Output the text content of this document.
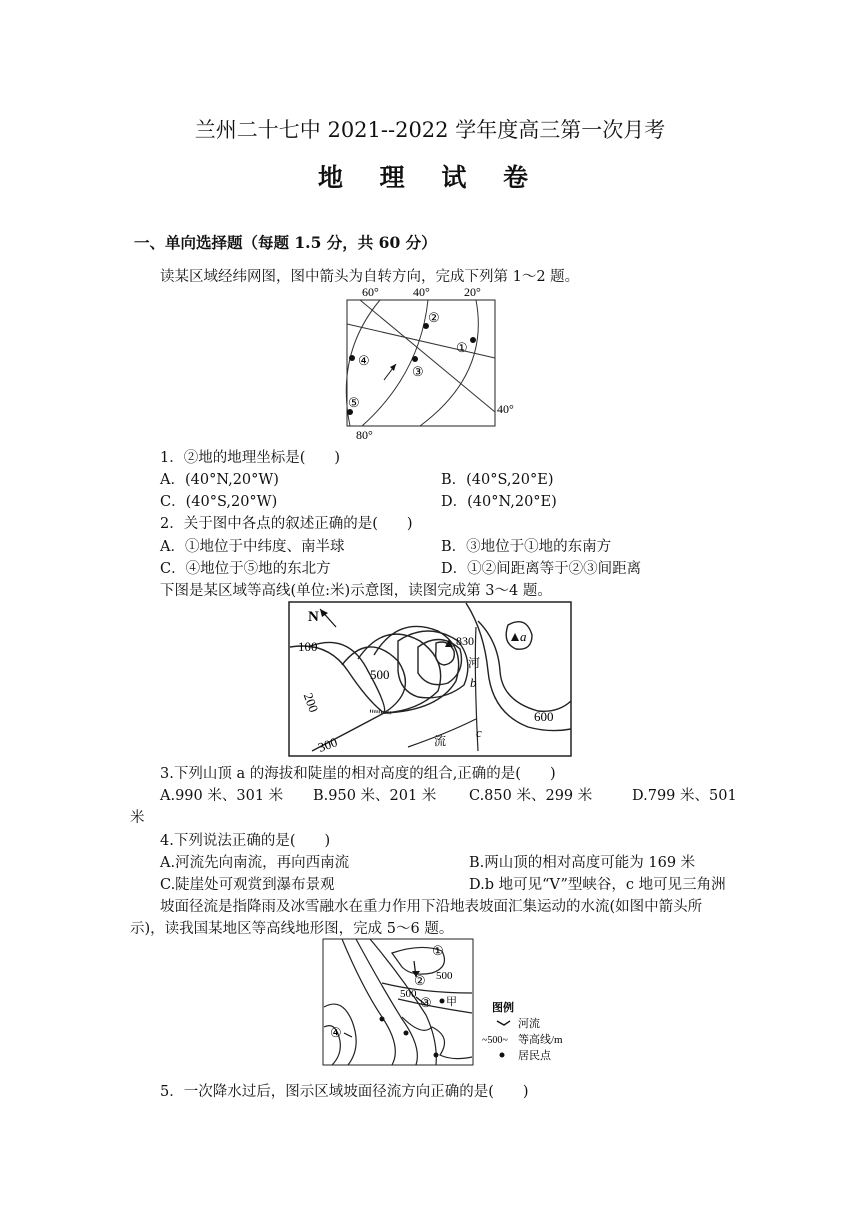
兰州二十七中 2021--2022 学年度高三第一次月考
地 理 试 卷
一、单向选择题（每题 1.5 分，共 60 分）
读某区域经纬网图，图中箭头为自转方向，完成下列第 1～2 题。
60°	40°	20°
40°
80°
②
①
③
④
⑤
1．②地的地理坐标是(　　)
A．(40°N,20°W)	B．(40°S,20°E)
C．(40°S,20°W)	D．(40°N,20°E)
2．关于图中各点的叙述正确的是(　　)
A．①地位于中纬度、南半球	B．③地位于①地的东南方
C．④地位于⑤地的东北方	D．①②间距离等于②③间距离
下图是某区域等高线(单位:米)示意图，读图完成第 3～4 题。
N
100
200
300
500
600
830	a
b
c
河
流
3.下列山顶 a 的海拔和陡崖的相对高度的组合,正确的是(　　)
A.990 米、301 米 B.950 米、201 米 C.850 米、299 米	D.799 米、501
米
4.下列说法正确的是(　　)
A.河流先向南流，再向西南流	B.两山顶的相对高度可能为 169 米
C.陡崖处可观赏到瀑布景观	D.b 地可见“V”型峡谷，c 地可见三角洲
坡面径流是指降雨及冰雪融水在重力作用下沿地表坡面汇集运动的水流(如图中箭头所
示)，读我国某地区等高线地形图，完成 5～6 题。
①
②
③
④
500
500
甲	图例
河流
~500~ 等高线/m
居民点
5．一次降水过后，图示区域坡面径流方向正确的是(　　)
